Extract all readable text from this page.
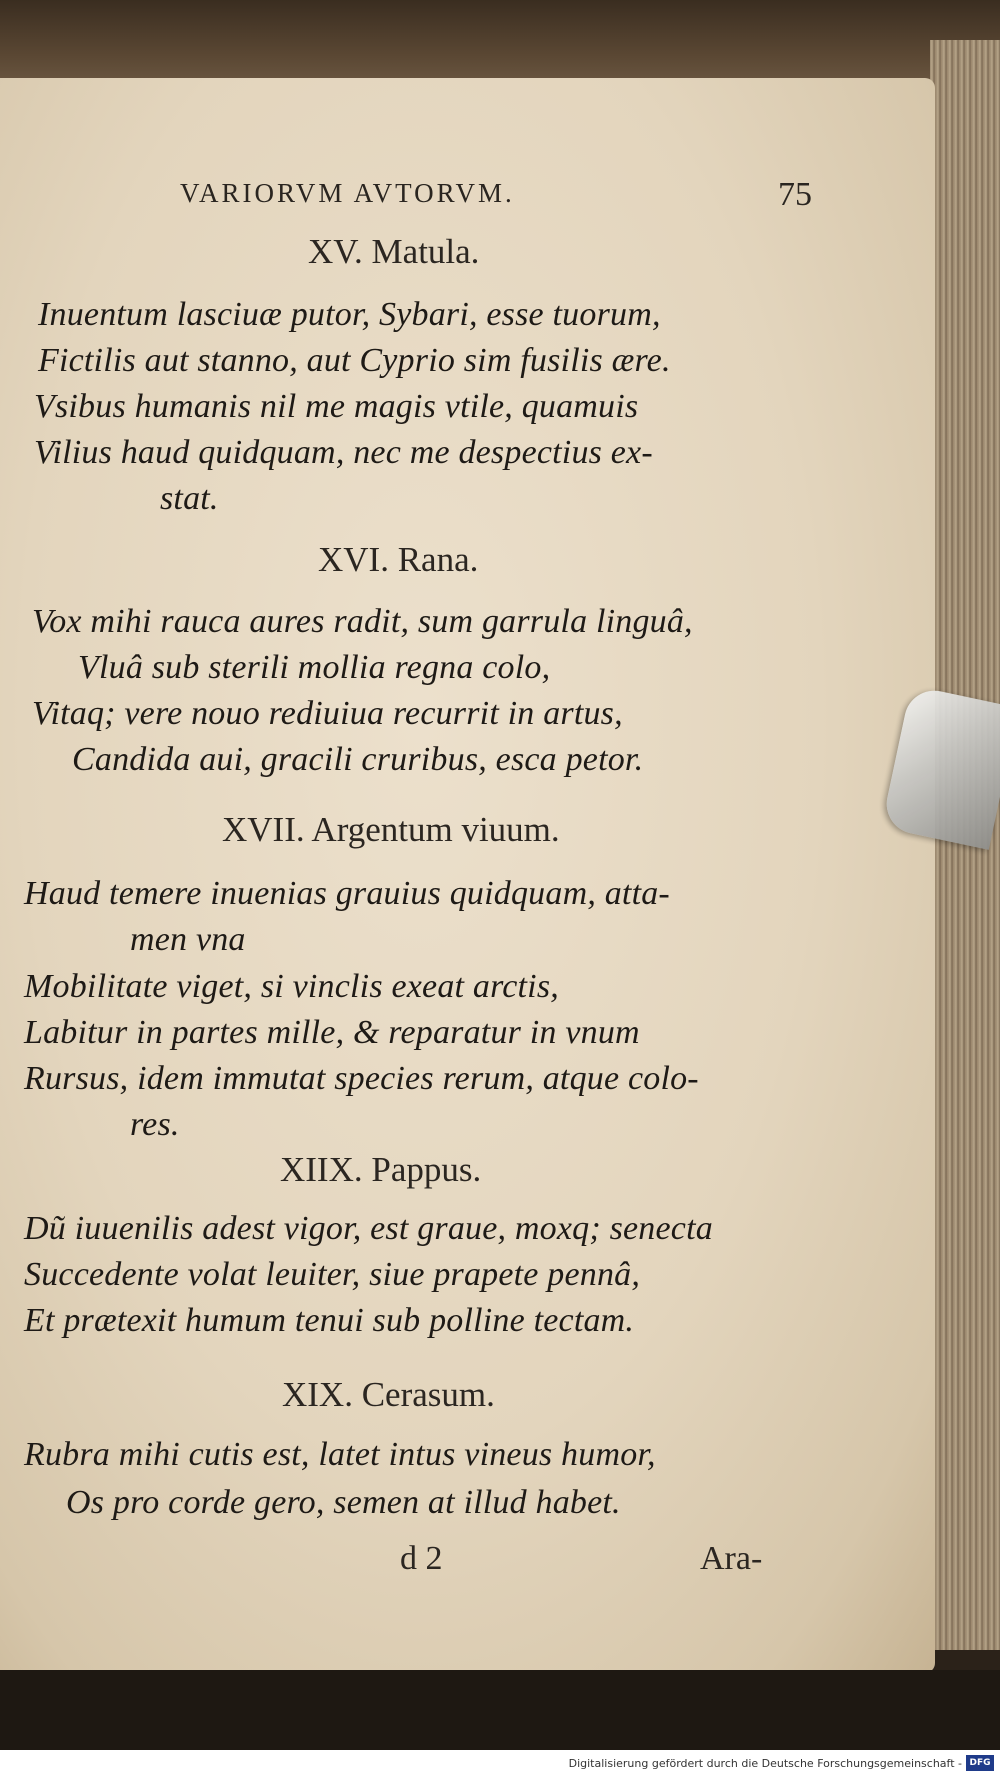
VARIORVM AVTORVM.	75
XV. Matula.
Inuentum lasciuæ putor, Sybari, esse tuorum,
Fictilis aut stanno, aut Cyprio sim fusilis ære.
Vsibus humanis nil me magis vtile, quamuis
Vilius haud quidquam, nec me despectius ex-
stat.
XVI. Rana.
Vox mihi rauca aures radit, sum garrula linguâ,
Vluâ sub sterili mollia regna colo,
Vitaq; vere nouo rediuiua recurrit in artus,
Candida aui, gracili cruribus, esca petor.
XVII. Argentum viuum.
Haud temere inuenias grauius quidquam, atta-
men vna
Mobilitate viget, si vinclis exeat arctis,
Labitur in partes mille, & reparatur in vnum
Rursus, idem immutat species rerum, atque colo-
res.
XIIX. Pappus.
Dũ iuuenilis adest vigor, est graue, moxq; senecta
Succedente volat leuiter, siue prapete pennâ,
Et prætexit humum tenui sub polline tectam.
XIX. Cerasum.
Rubra mihi cutis est, latet intus vineus humor,
Os pro corde gero, semen at illud habet.
d 2	Ara-
Digitalisierung gefördert durch die Deutsche Forschungsgemeinschaft - DFG
